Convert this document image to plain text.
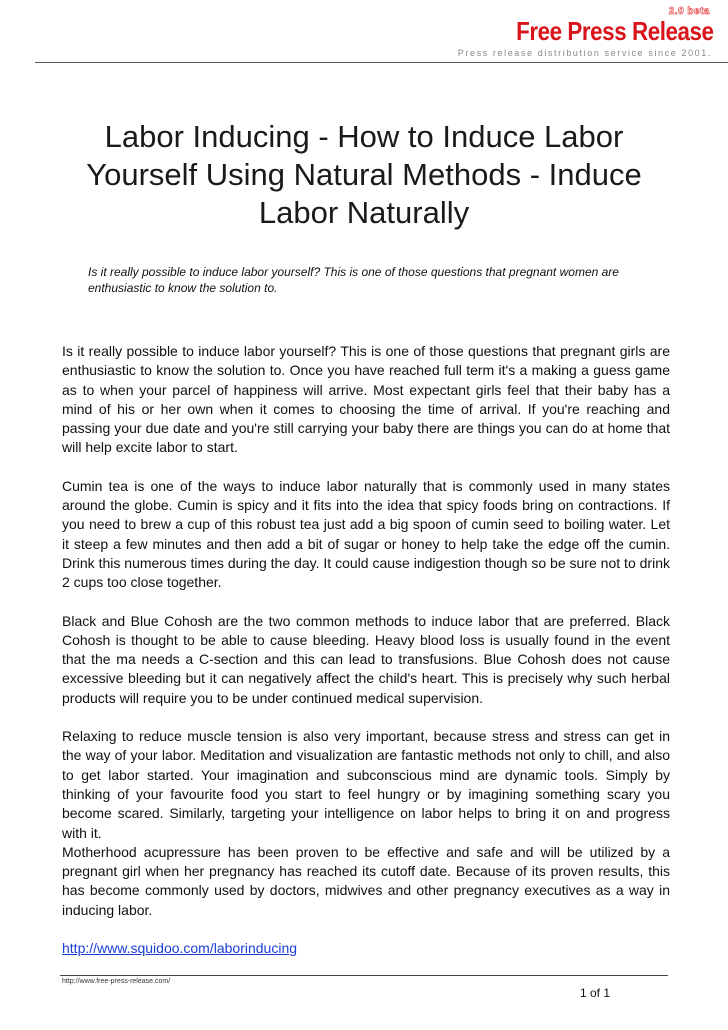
2.0 beta
Free Press Release
Press release distribution service since 2001.
Labor Inducing - How to Induce Labor Yourself Using Natural Methods - Induce Labor Naturally

Is it really possible to induce labor yourself? This is one of those questions that pregnant women are enthusiastic to know the solution to.

Is it really possible to induce labor yourself? This is one of those questions that pregnant girls are enthusiastic to know the solution to. Once you have reached full term it's a making a guess game as to when your parcel of happiness will arrive. Most expectant girls feel that their baby has a mind of his or her own when it comes to choosing the time of arrival. If you're reaching and passing your due date and you're still carrying your baby there are things you can do at home that will help excite labor to start.

Cumin tea is one of the ways to induce labor naturally that is commonly used in many states around the globe. Cumin is spicy and it fits into the idea that spicy foods bring on contractions. If you need to brew a cup of this robust tea just add a big spoon of cumin seed to boiling water. Let it steep a few minutes and then add a bit of sugar or honey to help take the edge off the cumin. Drink this numerous times during the day. It could cause indigestion though so be sure not to drink 2 cups too close together.

Black and Blue Cohosh are the two common methods to induce labor that are preferred. Black Cohosh is thought to be able to cause bleeding. Heavy blood loss is usually found in the event that the ma needs a C-section and this can lead to transfusions. Blue Cohosh does not cause excessive bleeding but it can negatively affect the child's heart. This is precisely why such herbal products will require you to be under continued medical supervision.

Relaxing to reduce muscle tension is also very important, because stress and stress can get in the way of your labor. Meditation and visualization are fantastic methods not only to chill, and also to get labor started. Your imagination and subconscious mind are dynamic tools. Simply by thinking of your favourite food you start to feel hungry or by imagining something scary you become scared. Similarly, targeting your intelligence on labor helps to bring it on and progress with it.

Motherhood acupressure has been proven to be effective and safe and will be utilized by a pregnant girl when her pregnancy has reached its cutoff date. Because of its proven results, this has become commonly used by doctors, midwives and other pregnancy executives as a way in inducing labor.

http://www.squidoo.com/laborinducing

http://www.free-press-release.com/
1 of 1
